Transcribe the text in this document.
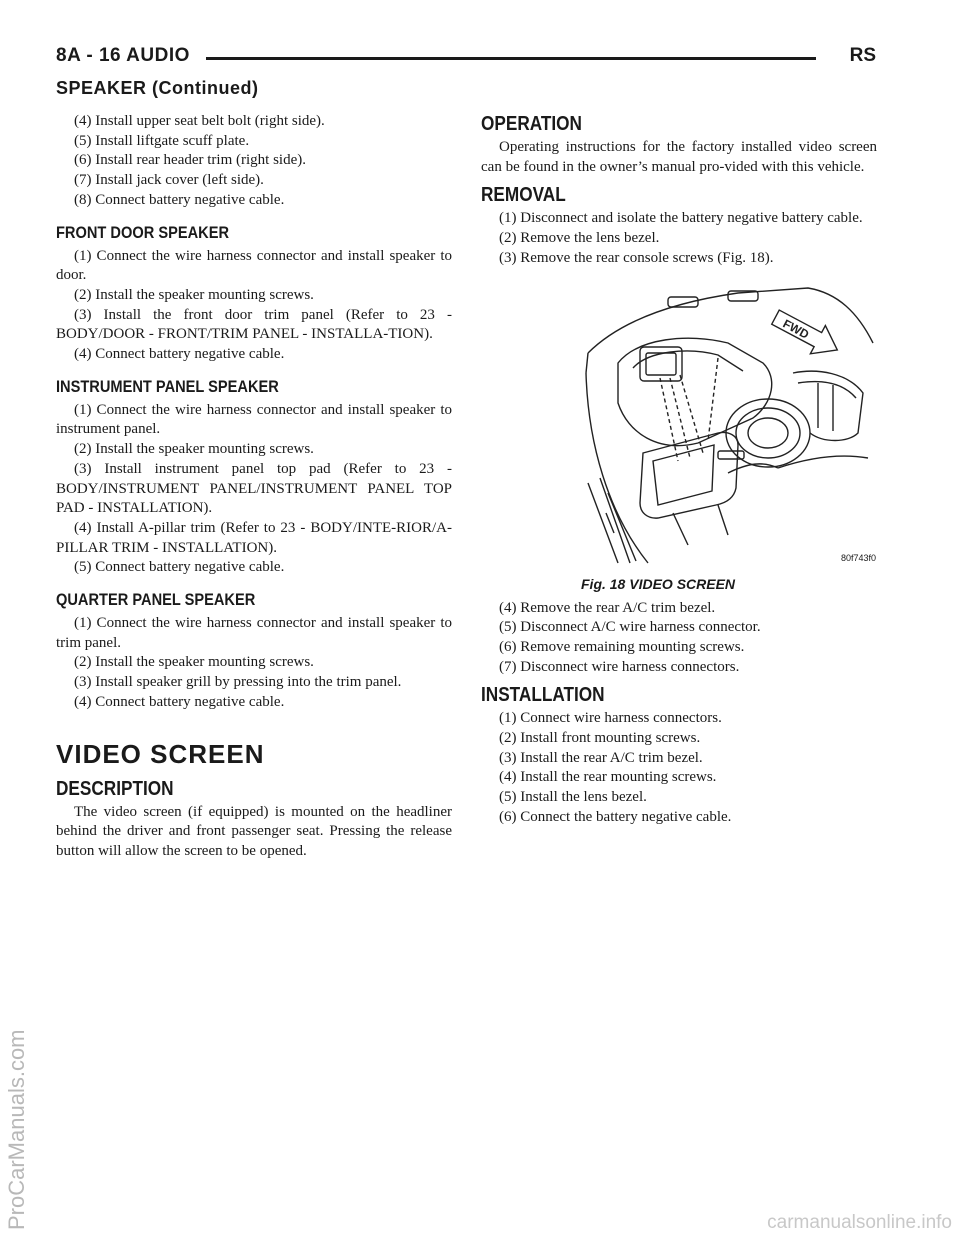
8A - 16 AUDIO	RS
SPEAKER (Continued)

(4) Install upper seat belt bolt (right side).

(5) Install liftgate scuff plate.

(6) Install rear header trim (right side).

(7) Install jack cover (left side).

(8) Connect battery negative cable.

FRONT DOOR SPEAKER

(1) Connect the wire harness connector and install speaker to door.

(2) Install the speaker mounting screws.

(3) Install the front door trim panel (Refer to 23 - BODY/DOOR - FRONT/TRIM PANEL - INSTALLA-TION).

(4) Connect battery negative cable.

INSTRUMENT PANEL SPEAKER

(1) Connect the wire harness connector and install speaker to instrument panel.

(2) Install the speaker mounting screws.

(3) Install instrument panel top pad (Refer to 23 - BODY/INSTRUMENT PANEL/INSTRUMENT PANEL TOP PAD - INSTALLATION).

(4) Install A-pillar trim (Refer to 23 - BODY/INTE-RIOR/A-PILLAR TRIM - INSTALLATION).

(5) Connect battery negative cable.

QUARTER PANEL SPEAKER

(1) Connect the wire harness connector and install speaker to trim panel.

(2) Install the speaker mounting screws.

(3) Install speaker grill by pressing into the trim panel.

(4) Connect battery negative cable.

VIDEO SCREEN
DESCRIPTION

The video screen (if equipped) is mounted on the headliner behind the driver and front passenger seat. Pressing the release button will allow the screen to be opened.

OPERATION

Operating instructions for the factory installed video screen can be found in the owner’s manual pro-vided with this vehicle.

REMOVAL

(1) Disconnect and isolate the battery negative battery cable.

(2) Remove the lens bezel.

(3) Remove the rear console screws (Fig. 18).

FWD
80f743f0
Fig. 18 VIDEO SCREEN

(4) Remove the rear A/C trim bezel.

(5) Disconnect A/C wire harness connector.

(6) Remove remaining mounting screws.

(7) Disconnect wire harness connectors.

INSTALLATION

(1) Connect wire harness connectors.

(2) Install front mounting screws.

(3) Install the rear A/C trim bezel.

(4) Install the rear mounting screws.

(5) Install the lens bezel.

(6) Connect the battery negative cable.

ProCarManuals.com	carmanualsonline.info
